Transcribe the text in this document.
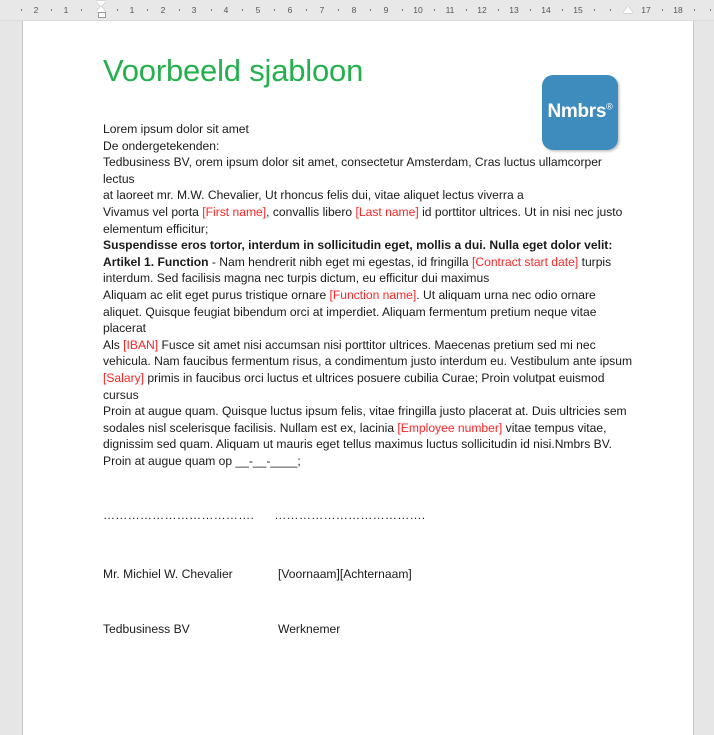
2	1	1	2	3	4	5	6	7	8	9	10	11	12	13	14	15	17	18
Voorbeeld sjabloon
Nmbrs®

Lorem ipsum dolor sit amet

De ondergetekenden:

Tedbusiness BV, orem ipsum dolor sit amet, consectetur Amsterdam, Cras luctus ullamcorper lectus

at laoreet mr. M.W. Chevalier, Ut rhoncus felis dui, vitae aliquet lectus viverra a

Vivamus vel porta [First name], convallis libero [Last name] id porttitor ultrices. Ut in nisi nec justo elementum efficitur;

Suspendisse eros tortor, interdum in sollicitudin eget, mollis a dui. Nulla eget dolor velit:

Artikel 1. Function - Nam hendrerit nibh eget mi egestas, id fringilla [Contract start date] turpis interdum. Sed facilisis magna nec turpis dictum, eu efficitur dui maximus

Aliquam ac elit eget purus tristique ornare [Function name]. Ut aliquam urna nec odio ornare aliquet. Quisque feugiat bibendum orci at imperdiet. Aliquam fermentum pretium neque vitae placerat

Als [IBAN] Fusce sit amet nisi accumsan nisi porttitor ultrices. Maecenas pretium sed mi nec vehicula. Nam faucibus fermentum risus, a condimentum justo interdum eu. Vestibulum ante ipsum [Salary] primis in faucibus orci luctus et ultrices posuere cubilia Curae; Proin volutpat euismod cursus

Proin at augue quam. Quisque luctus ipsum felis, vitae fringilla justo placerat at. Duis ultricies sem sodales nisl scelerisque facilisis. Nullam est ex, lacinia [Employee number] vitae tempus vitae, dignissim sed quam. Aliquam ut mauris eget tellus maximus luctus sollicitudin id nisi.Nmbrs BV.

Proin at augue quam op __-__-____;

………………………………. ……………………………….
Mr. Michiel W. Chevalier	[Voornaam][Achternaam]
Tedbusiness BV	Werknemer
